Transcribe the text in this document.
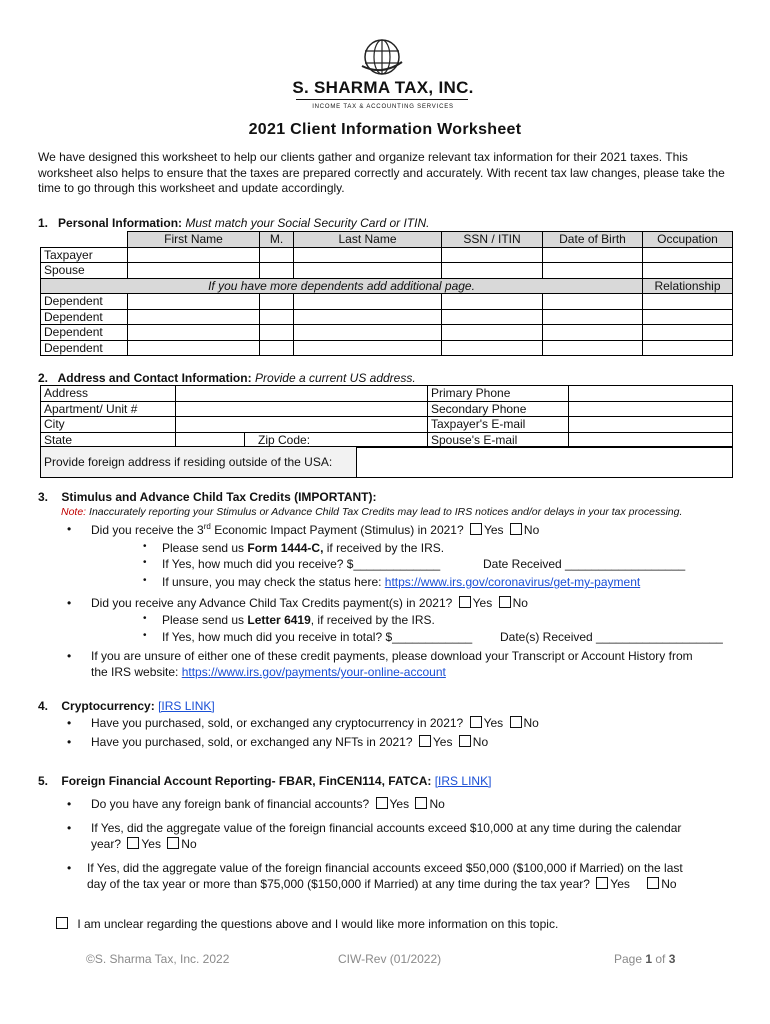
S. SHARMA TAX, INC.
INCOME TAX & ACCOUNTING SERVICES
2021 Client Information Worksheet
We have designed this worksheet to help our clients gather and organize relevant tax information for their 2021 taxes. This worksheet also helps to ensure that the taxes are prepared correctly and accurately. With recent tax law changes, please take the time to go through this worksheet and update accordingly.
1. Personal Information: Must match your Social Security Card or ITIN.
	First Name	M.	Last Name	SSN / ITIN	Date of Birth	Occupation
Taxpayer						
Spouse						
If you have more dependents add additional page.						Relationship
Dependent						
Dependent						
Dependent						
Dependent						
2. Address and Contact Information: Provide a current US address.
Address			Primary Phone	
Apartment/ Unit #			Secondary Phone	
City			Taxpayer's E-mail	
State		Zip Code:	Spouse's E-mail	
Provide foreign address if residing outside of the USA:	
3. Stimulus and Advance Child Tax Credits (IMPORTANT):
Note: Inaccurately reporting your Stimulus or Advance Child Tax Credits may lead to IRS notices and/or delays in your tax processing.
• Did you receive the 3rd Economic Impact Payment (Stimulus) in 2021? Yes No
• Please send us Form 1444-C, if received by the IRS.
• If Yes, how much did you receive? $_____________	Date Received __________________
• If unsure, you may check the status here: https://www.irs.gov/coronavirus/get-my-payment
• Did you receive any Advance Child Tax Credits payment(s) in 2021? Yes No
• Please send us Letter 6419, if received by the IRS.
• If Yes, how much did you receive in total? $____________ Date(s) Received ___________________
• If you are unsure of either one of these credit payments, please download your Transcript or Account History from
the IRS website: https://www.irs.gov/payments/your-online-account
4. Cryptocurrency: [IRS LINK]
• Have you purchased, sold, or exchanged any cryptocurrency in 2021? Yes No
• Have you purchased, sold, or exchanged any NFTs in 2021? Yes No
5. Foreign Financial Account Reporting- FBAR, FinCEN114, FATCA: [IRS LINK]
• Do you have any foreign bank of financial accounts? Yes No
• If Yes, did the aggregate value of the foreign financial accounts exceed $10,000 at any time during the calendar
year? Yes No
• If Yes, did the aggregate value of the foreign financial accounts exceed $50,000 ($100,000 if Married) on the last
day of the tax year or more than $75,000 ($150,000 if Married) at any time during the tax year? Yes	No
I am unclear regarding the questions above and I would like more information on this topic.
©S. Sharma Tax, Inc. 2022	CIW-Rev (01/2022)	Page 1 of 3
